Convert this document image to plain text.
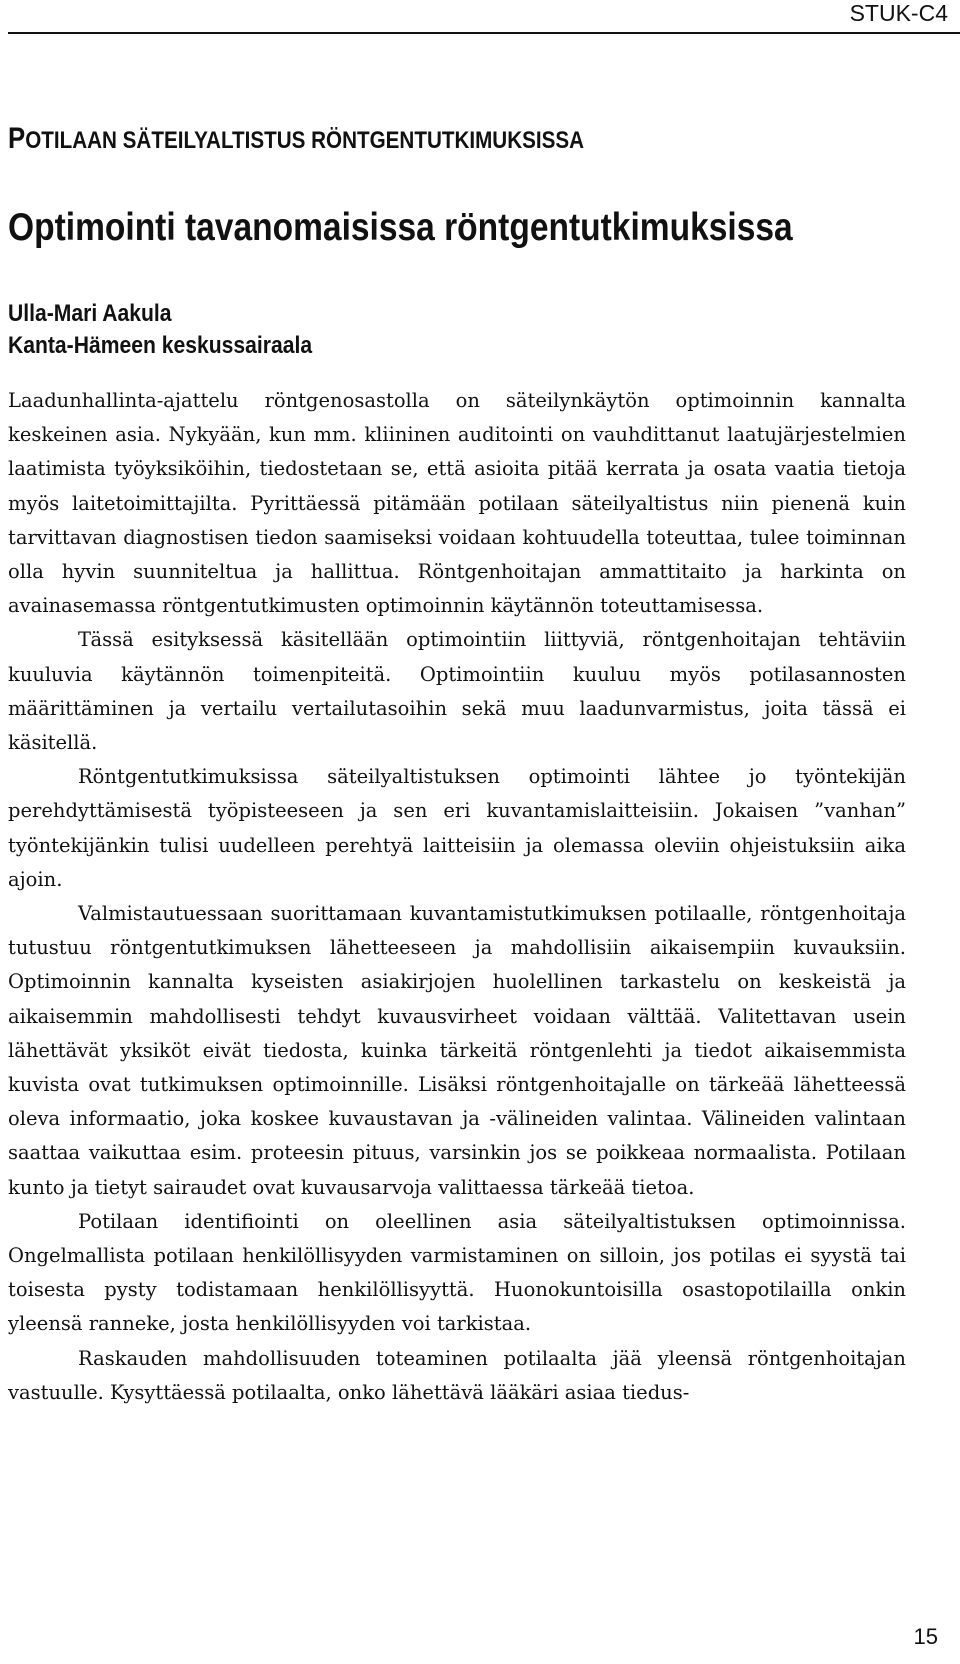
STUK-C4
POTILAAN SÄTEILYALTISTUS RÖNTGENTUTKIMUKSISSA
Optimointi tavanomaisissa röntgentutkimuksissa
Ulla-Mari Aakula
Kanta-Hämeen keskussairaala

Laadunhallinta-ajattelu röntgenosastolla on säteilynkäytön optimoinnin kannalta keskeinen asia. Nykyään, kun mm. kliininen auditointi on vauhdittanut laatujärjestelmien laatimista työyksiköihin, tiedostetaan se, että asioita pitää kerrata ja osata vaatia tietoja myös laitetoimittajilta. Pyrittäessä pitämään potilaan säteilyaltistus niin pienenä kuin tarvittavan diagnostisen tiedon saamiseksi voidaan kohtuudella toteuttaa, tulee toiminnan olla hyvin suunniteltua ja hallittua. Röntgenhoitajan ammattitaito ja harkinta on avainasemassa röntgentutkimusten optimoinnin käytännön toteuttamisessa.

Tässä esityksessä käsitellään optimointiin liittyviä, röntgenhoitajan tehtäviin kuuluvia käytännön toimenpiteitä. Optimointiin kuuluu myös potilasannosten määrittäminen ja vertailu vertailutasoihin sekä muu laadunvarmistus, joita tässä ei käsitellä.

Röntgentutkimuksissa säteilyaltistuksen optimointi lähtee jo työntekijän perehdyttämisestä työpisteeseen ja sen eri kuvantamislaitteisiin. Jokaisen ”vanhan” työntekijänkin tulisi uudelleen perehtyä laitteisiin ja olemassa oleviin ohjeistuksiin aika ajoin.

Valmistautuessaan suorittamaan kuvantamistutkimuksen potilaalle, röntgenhoitaja tutustuu röntgentutkimuksen lähetteeseen ja mahdollisiin aikaisempiin kuvauksiin. Optimoinnin kannalta kyseisten asiakirjojen huolellinen tarkastelu on keskeistä ja aikaisemmin mahdollisesti tehdyt kuvausvirheet voidaan välttää. Valitettavan usein lähettävät yksiköt eivät tiedosta, kuinka tärkeitä röntgenlehti ja tiedot aikaisemmista kuvista ovat tutkimuksen optimoinnille. Lisäksi röntgenhoitajalle on tärkeää lähetteessä oleva informaatio, joka koskee kuvaustavan ja -välineiden valintaa. Välineiden valintaan saattaa vaikuttaa esim. proteesin pituus, varsinkin jos se poikkeaa normaalista. Potilaan kunto ja tietyt sairaudet ovat kuvausarvoja valittaessa tärkeää tietoa.

Potilaan identifiointi on oleellinen asia säteilyaltistuksen optimoinnissa. Ongelmallista potilaan henkilöllisyyden varmistaminen on silloin, jos potilas ei syystä tai toisesta pysty todistamaan henkilöllisyyttä. Huonokuntoisilla osastopotilailla onkin yleensä ranneke, josta henkilöllisyyden voi tarkistaa.

Raskauden mahdollisuuden toteaminen potilaalta jää yleensä röntgenhoitajan vastuulle. Kysyttäessä potilaalta, onko lähettävä lääkäri asiaa tiedus-

15
